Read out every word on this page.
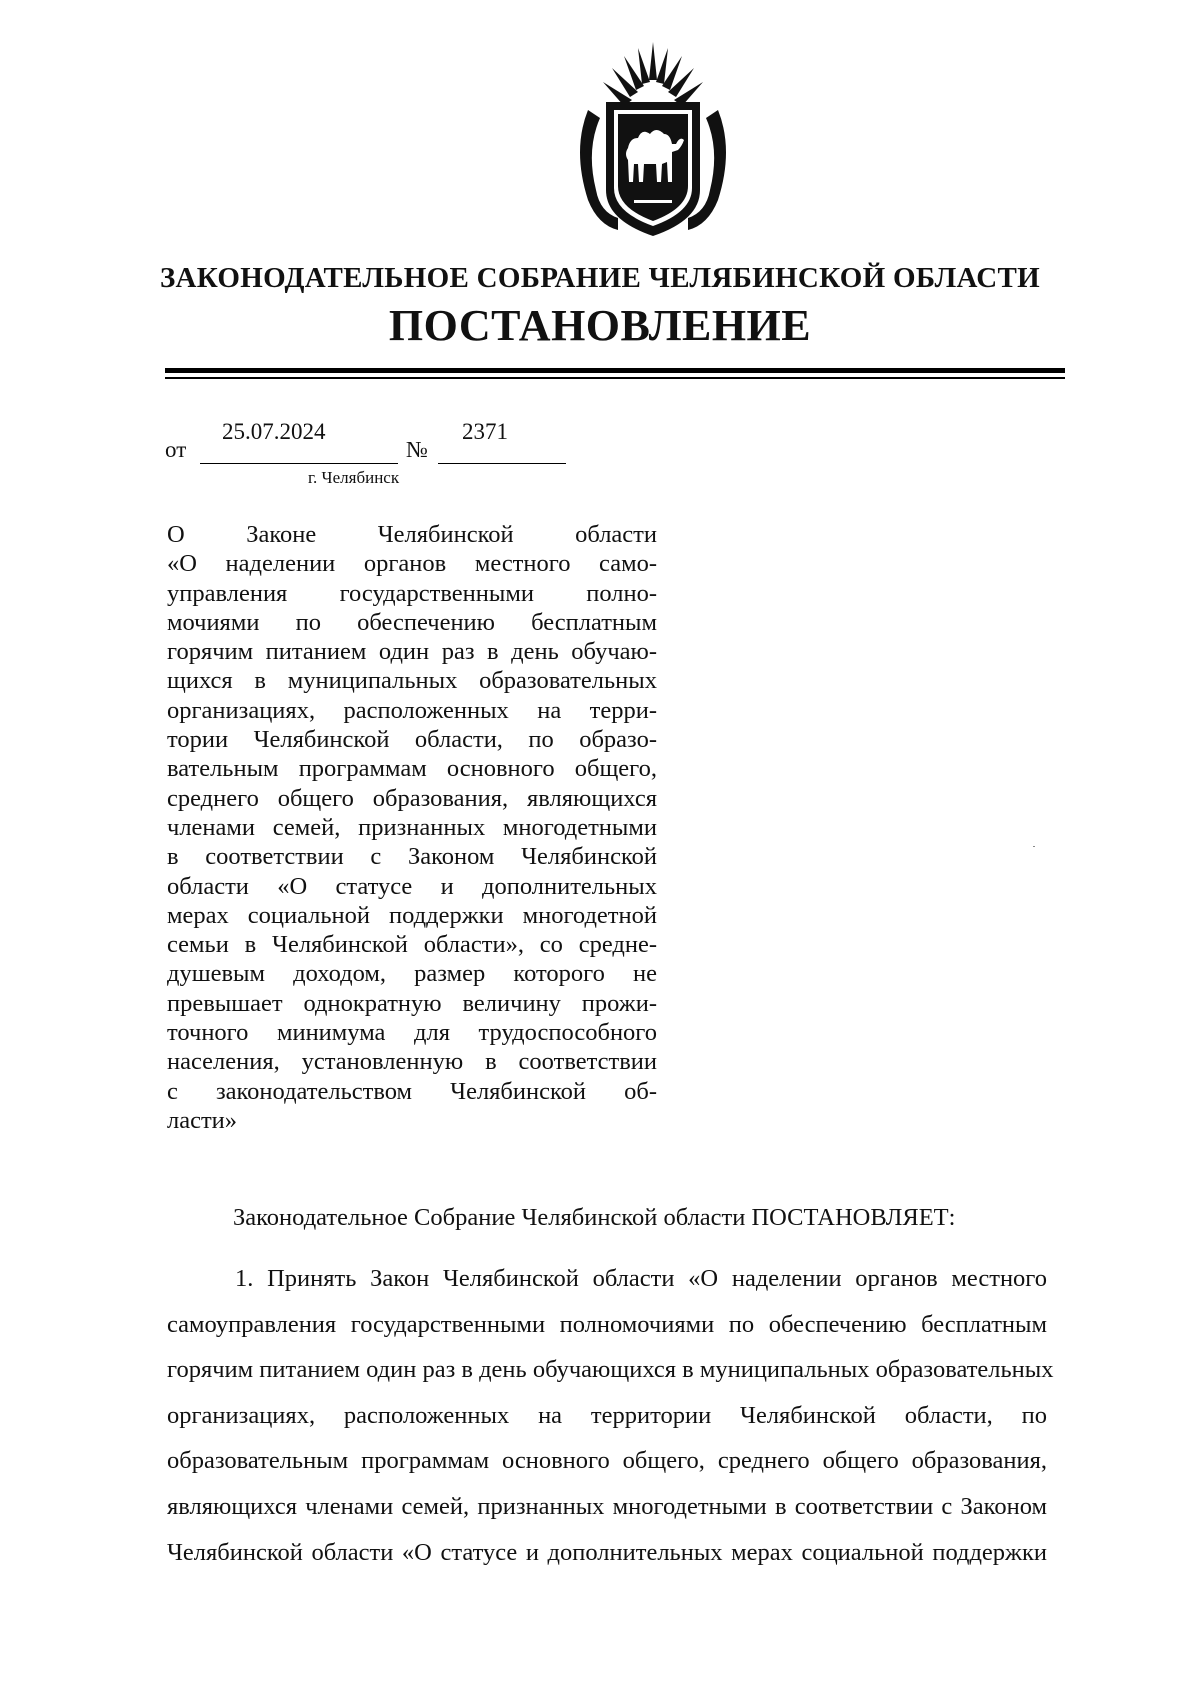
ЗАКОНОДАТЕЛЬНОЕ СОБРАНИЕ ЧЕЛЯБИНСКОЙ ОБЛАСТИ
ПОСТАНОВЛЕНИЕ
от
25.07.2024
№
2371
г. Челябинск
О Законе Челябинской области
«О наделении органов местного само-
управления государственными полно-
мочиями по обеспечению бесплатным
горячим питанием один раз в день обучаю-
щихся в муниципальных образовательных
организациях, расположенных на терри-
тории Челябинской области, по образо-
вательным программам основного общего,
среднего общего образования, являющихся
членами семей, признанных многодетными
в соответствии с Законом Челябинской
области «О статусе и дополнительных
мерах социальной поддержки многодетной
семьи в Челябинской области», со средне-
душевым доходом, размер которого не
превышает однократную величину прожи-
точного минимума для трудоспособного
населения, установленную в соответствии
с законодательством Челябинской об-
ласти»
Законодательное Собрание Челябинской области ПОСТАНОВЛЯЕТ:
1. Принять Закон Челябинской области «О наделении органов местного
самоуправления государственными полномочиями по обеспечению бесплатным
горячим питанием один раз в день обучающихся в муниципальных образовательных
организациях, расположенных на территории Челябинской области, по
образовательным программам основного общего, среднего общего образования,
являющихся членами семей, признанных многодетными в соответствии с Законом
Челябинской области «О статусе и дополнительных мерах социальной поддержки
